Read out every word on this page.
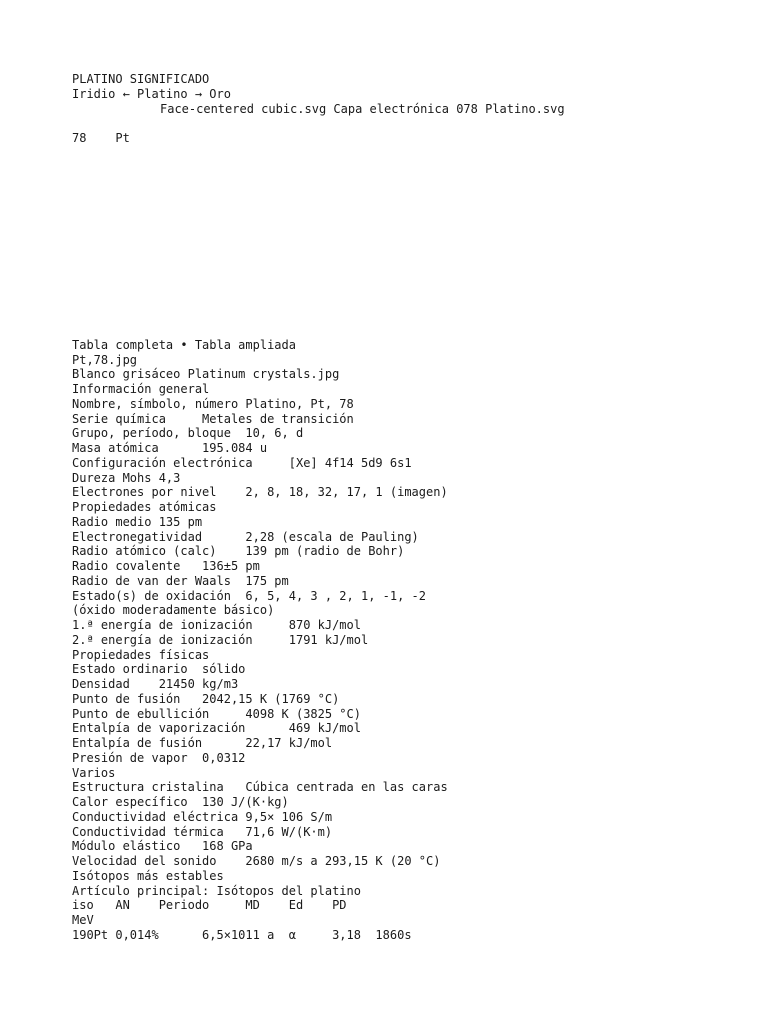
PLATINO SIGNIFICADO
Iridio ← Platino → Oro
Face-centered cubic.svg Capa electrónica 078 Platino.svg
78    Pt
Tabla completa • Tabla ampliada
Pt,78.jpg
Blanco grisáceo Platinum crystals.jpg
Información general
Nombre, símbolo, número Platino, Pt, 78
Serie química     Metales de transición
Grupo, período, bloque  10, 6, d
Masa atómica      195.084 u
Configuración electrónica     [Xe] 4f14 5d9 6s1
Dureza Mohs 4,3
Electrones por nivel    2, 8, 18, 32, 17, 1 (imagen)
Propiedades atómicas
Radio medio 135 pm
Electronegatividad      2,28 (escala de Pauling)
Radio atómico (calc)    139 pm (radio de Bohr)
Radio covalente   136±5 pm
Radio de van der Waals  175 pm
Estado(s) de oxidación  6, 5, 4, 3 , 2, 1, -1, -2
(óxido moderadamente básico)
1.ª energía de ionización     870 kJ/mol
2.ª energía de ionización     1791 kJ/mol
Propiedades físicas
Estado ordinario  sólido
Densidad    21450 kg/m3
Punto de fusión   2042,15 K (1769 °C)
Punto de ebullición     4098 K (3825 °C)
Entalpía de vaporización      469 kJ/mol
Entalpía de fusión      22,17 kJ/mol
Presión de vapor  0,0312
Varios
Estructura cristalina   Cúbica centrada en las caras
Calor específico  130 J/(K·kg)
Conductividad eléctrica 9,5× 106 S/m
Conductividad térmica   71,6 W/(K·m)
Módulo elástico   168 GPa
Velocidad del sonido    2680 m/s a 293,15 K (20 °C)
Isótopos más estables
Artículo principal: Isótopos del platino
iso   AN    Periodo     MD    Ed    PD
MeV
190Pt 0,014%      6,5×1011 a  α     3,18  1860s
